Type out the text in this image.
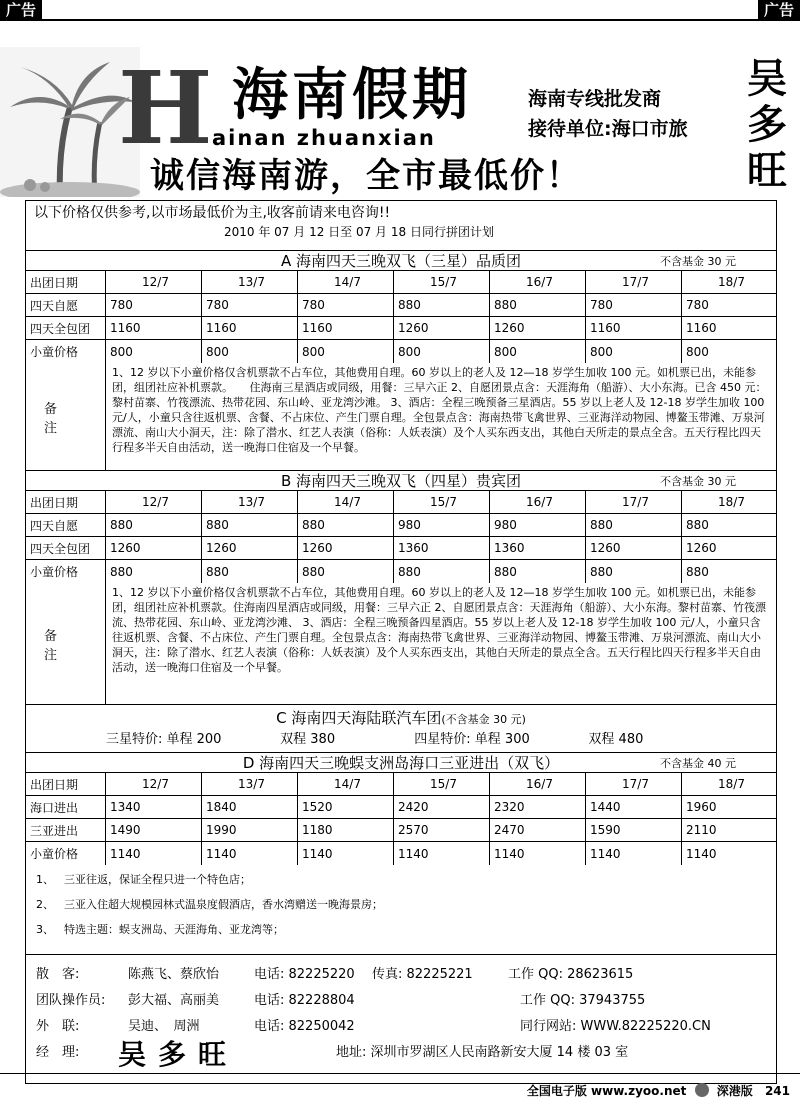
广告	广告
H 海南假期
ainan zhuanxian
海南专线批发商
接待单位:海口市旅
吴多旺
诚信海南游，全市最低价！
以下价格仅供参考,以市场最低价为主,收客前请来电咨询!!
2010 年 07 月 12 日至 07 月 18 日同行拼团计划
A 海南四天三晚双飞（三星）品质团	不含基金 30 元
出团日期	12/7	13/7	14/7	15/7	16/7	17/7	18/7
四天自愿	780	780	780	880	880	780	780
四天全包团	1160	1160	1160	1260	1260	1160	1160
小童价格	800	800	800	800	800	800	800
备注
1、12 岁以下小童价格仅含机票款不占车位，其他费用自理。60 岁以上的老人及 12—18 岁学生加收 100 元。如机票已出，未能参团，组团社应补机票款。　　住海南三星酒店或同级，用餐：三早六正 2、自愿团景点含：天涯海角（船游）、大小东海。已含 450 元：黎村苗寨、竹筏漂流、热带花园、东山岭、亚龙湾沙滩。 3、酒店：全程三晚预备三星酒店。55 岁以上老人及 12-18 岁学生加收 100 元/人，小童只含往返机票、含餐、不占床位、产生门票自理。全包景点含：海南热带飞禽世界、三亚海洋动物园、博鳌玉带滩、万泉河漂流、南山大小洞天，注：除了潜水、红艺人表演（俗称：人妖表演）及个人买东西支出，其他白天所走的景点全含。五天行程比四天行程多半天自由活动，送一晚海口住宿及一个早餐。
B 海南四天三晚双飞（四星）贵宾团	不含基金 30 元
出团日期	12/7	13/7	14/7	15/7	16/7	17/7	18/7
四天自愿	880	880	880	980	980	880	880
四天全包团	1260	1260	1260	1360	1360	1260	1260
小童价格	880	880	880	880	880	880	880
备注
1、12 岁以下小童价格仅含机票款不占车位，其他费用自理。60 岁以上的老人及 12—18 岁学生加收 100 元。如机票已出，未能参团，组团社应补机票款。住海南四星酒店或同级，用餐：三早六正 2、自愿团景点含：天涯海角（船游）、大小东海。黎村苗寨、竹筏漂流、热带花园、东山岭、亚龙湾沙滩、 3、酒店：全程三晚预备四星酒店。55 岁以上老人及 12-18 岁学生加收 100 元/人，小童只含往返机票、含餐、不占床位、产生门票自理。全包景点含：海南热带飞禽世界、三亚海洋动物园、博鳌玉带滩、万泉河漂流、南山大小洞天，注：除了潜水、红艺人表演（俗称：人妖表演）及个人买东西支出，其他白天所走的景点全含。五天行程比四天行程多半天自由活动，送一晚海口住宿及一个早餐。
C 海南四天海陆联汽车团(不含基金 30 元)
三星特价: 单程 200	双程 380	四星特价: 单程 300	双程 480
D 海南四天三晚蜈支洲岛海口三亚进出（双飞）	不含基金 40 元
出团日期	12/7	13/7	14/7	15/7	16/7	17/7	18/7
海口进出	1340	1840	1520	2420	2320	1440	1960
三亚进出	1490	1990	1180	2570	2470	1590	2110
小童价格	1140	1140	1140	1140	1140	1140	1140
1、 三亚往返，保证全程只进一个特色店；
2、 三亚入住超大规模园林式温泉度假酒店，香水湾赠送一晚海景房；
3、 特选主题：蜈支洲岛、天涯海角、亚龙湾等；
散　客:	陈燕飞、蔡欣怡	电话: 82225220 传真: 82225221	工作 QQ: 28623615
团队操作员: 彭大福、高丽美	电话: 82228804	工作 QQ: 37943755
外　联:	吴迪、　周洲	电话: 82250042	同行网站: WWW.82225220.CN
经　理: 吴多旺	地址: 深圳市罗湖区人民南路新安大厦 14 楼 03 室
全国电子版 www.zyoo.net	深港版 241
